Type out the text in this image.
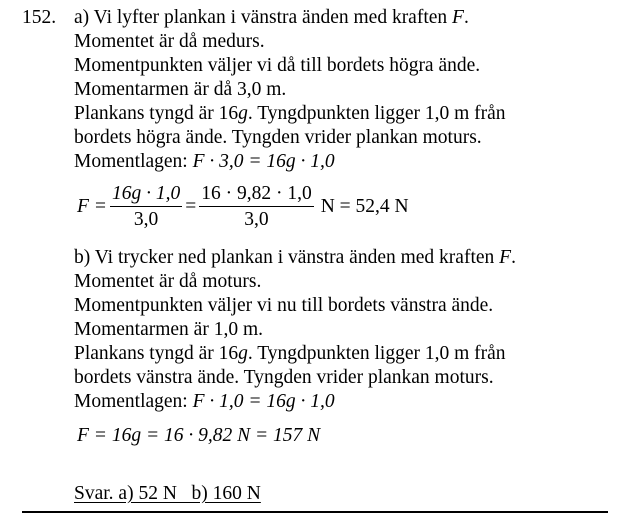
152. a) Vi lyfter plankan i vänstra änden med kraften F.
Momentet är då medurs.
Momentpunkten väljer vi då till bordets högra ände.
Momentarmen är då 3,0 m.
Plankans tyngd är 16g. Tyngdpunkten ligger 1,0 m från
bordets högra ände. Tyngden vrider plankan moturs.
Momentlagen: F · 3,0 = 16g · 1,0
$F = \frac{16g \cdot 1,0}{3,0} = \frac{16 \cdot 9,82 \cdot 1,0}{3,0}$ N = 52,4 N
b) Vi trycker ned plankan i vänstra änden med kraften F.
Momentet är då moturs.
Momentpunkten väljer vi nu till bordets vänstra ände.
Momentarmen är 1,0 m.
Plankans tyngd är 16g. Tyngdpunkten ligger 1,0 m från
bordets vänstra ände. Tyngden vrider plankan moturs.
Momentlagen: F · 1,0 = 16g · 1,0
F = 16g = 16 · 9,82 N = 157 N
Svar. a) 52 N   b) 160 N
